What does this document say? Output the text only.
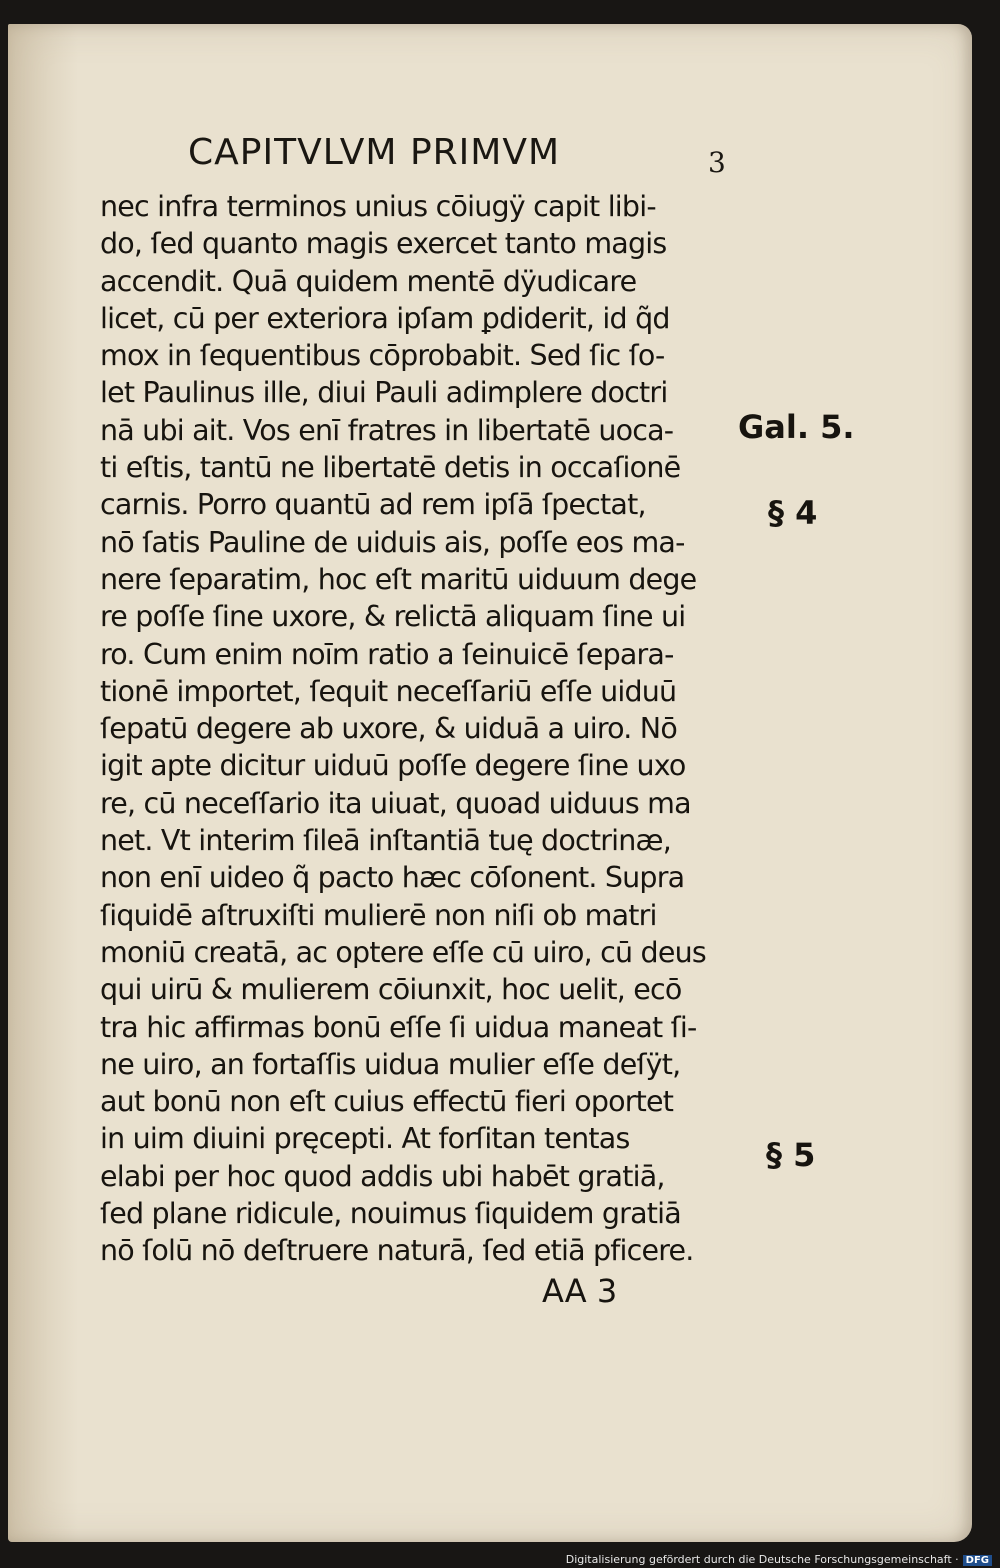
CAPITVLVM PRIMVM	3
nec infra terminos unius cōiugÿ capit libi-
do, ſed quanto magis exercet tanto magis
accendit. Quā quidem mentē dÿudicare
licet, cū per exteriora ipſam ꝑdiderit, id q̃d
mox in ſequentibus cōprobabit. Sed ſic ſo-
let Paulinus ille, diui Pauli adimplere doctri
nā ubi ait. Vos enī fratres in libertatē uoca-
ti eſtis, tantū ne libertatē detis in occaſionē
carnis. Porro quantū ad rem ipſā ſpectat,
nō ſatis Pauline de uiduis ais, poſſe eos ma-
nere ſeparatim, hoc eſt maritū uiduum dege
re poſſe ſine uxore, & relictā aliquam ſine ui
ro. Cum enim noīm ratio a ſeinuicē ſepara-
tionē importet, ſequit neceſſariū eſſe uiduū
ſepatū degere ab uxore, & uiduā a uiro. Nō
igit apte dicitur uiduū poſſe degere ſine uxo
re, cū neceſſario ita uiuat, quoad uiduus ma
net. Vt interim ſileā inſtantiā tuę doctrinæ,
non enī uideo q̃ pacto hæc cōſonent. Supra
ſiquidē aſtruxiſti mulierē non niſi ob matri
moniū creatā, ac optere eſſe cū uiro, cū deus
qui uirū & mulierem cōiunxit, hoc uelit, ecō
tra hic affirmas bonū eſſe ſi uidua maneat ſi-
ne uiro, an fortaſſis uidua mulier eſſe deſÿt,
aut bonū non eſt cuius effectū fieri oportet
in uim diuini pręcepti. At forſitan tentas
elabi per hoc quod addis ubi habēt gratiā,
ſed plane ridicule, nouimus ſiquidem gratiā
nō ſolū nō deſtruere naturā, ſed etiā pficere.
Gal. 5.
§ 4
§ 5
AA 3
Digitalisierung gefördert durch die Deutsche Forschungsgemeinschaft · DFG
